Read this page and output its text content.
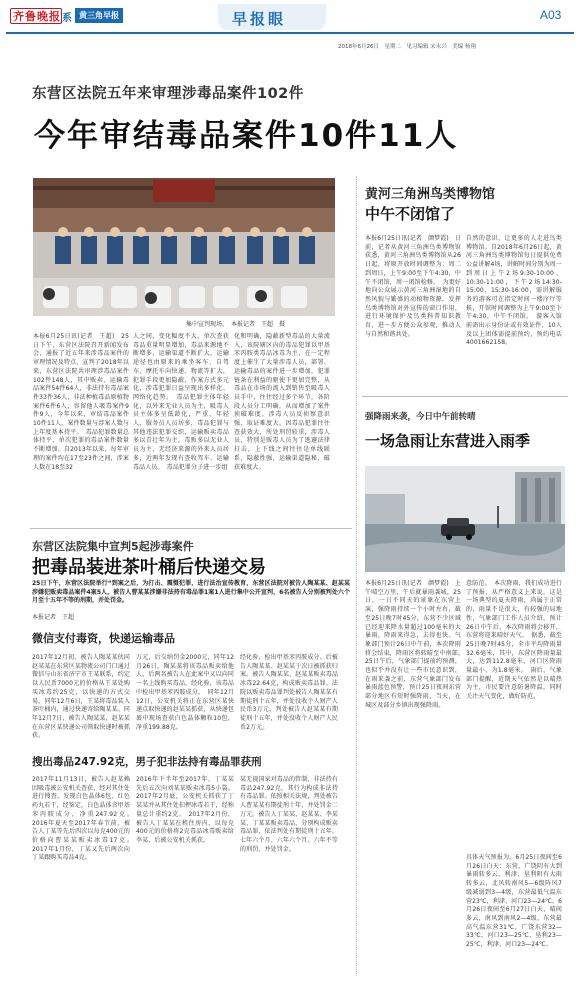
齐鲁晚报 系 黄三角早报	早报眼	A03
2018年6月26日　星期二　见习编辑 宋永兴　美编 杨翔
东营区法院五年来审理涉毒品案件102件
今年审结毒品案件10件11人
集中宣判现场。　本报记者　王超　摄
本报6月25日讯(记者　王超)　25日下午，东营区法院召开新闻发布会，通报了近五年来涉毒品案件的审理情况及特点，宣判了2018年以来，东营区法院共审理涉毒品案件102件148人，其中贩卖、运输毒品案件54件64人，非法持有毒品案件33件36人，非法种植毒品原植物案件6件6人，容留他人吸毒案件9件9人，今年以来，审结毒品案件10件11人，案件数量与涉案人数与上年度基本持平。　毒品犯罪数量总体持平，单次犯罪的毒品案件数量不断增加。自2013年以来，每年审理的案件均在17至23件之间，涉案人数在18至32
人之间，变化幅度不大，单次查获毒品重量明显增加，毒品来源地不断增多，运输渠道不断扩大，运输途径也由原来的乘坐客车、自驾车、摩托车向快递、物流等扩大，犯罪手段更加隐蔽，作案方式多元化，涉毒犯罪日益呈现出多样化、网络化趋势。　毒品犯罪主体年轻化，以外来无业人员为主，吸毒人员主体多呈低龄化，严重、年轻人、服务员人员居多，毒品犯罪与其他违法犯罪交织，运输贩卖毒品多以青壮年为主，毒贩多以无业人员为主，无经济来源的外来人员居多，近两年发现有查收驾车、运输毒品人员。　毒品犯罪分子进一步组
化和明确，隐蔽新型毒品的大量流入，该院辖区内的毒品犯罪以甲基苯丙胺类毒品冰毒为主，在一定程度上催生了大量涉毒人员，部署、运输毒品的案件进一步增加，犯罪链条在利益的驱使下更加完整，从毒品在市场的流入到销售至吸毒人员手中，往往经过多个环节，各阶段人员分工明确，从而增加了案件侦破难度。涉毒人员反侦察意识强，取证难度大。因毒品犯罪往往查获效大，所处刑罚较重，涉毒人员，特别是贩毒人员为了逃避法律打击，上下线之间往往是单线联系，隐蔽性强，运输渠道隐秘，破获难度大。
黄河三角洲鸟类博物馆
中午不闭馆了
本报6月25日讯(记者　颜梦霞)　日前，记者从黄河三角洲鸟类博物馆获悉，黄河三角洲鸟类博物馆从26日起，将原开放时间调整为：周二到周日，上午9:00至下午4:30，中午不闭馆，周一闭馆检修。　为更好地向公众展示黄河三角洲湿地的自然风貌与繁盛的动植物资源，发挥鸟类博物馆对外宣传的窗口作用，进行环境保护及鸟类科普知识教育，进一步方便公众参观，推动人与自然和谐共处。
自然的意识，让更多的人走进鸟类博物馆。自2018年6月26日起，黄河三角洲鸟类博物馆每日提供免费公益讲解4场，讲解时间分别为周一到周日上午2场9:30-10:00、10:30-11:00，下午2场14:30-15:00、15:30-16:00，需讲解服务的游客可在指定时间一楼序厅等候，开馆时间调整为上午9:00至下午4:30，中午不闭馆。　游客入馆前需出示身份证或有效证件，10人及以上团体需提前预约，预约电话4001662158。
强降雨来袭，今日中午前转晴
一场急雨让东营进入雨季
本报6月25日讯(记者　颜梦霞)　上午晴空万里，午后就暴雨袭城，25日，一日不同天的景象在东营上演，强降雨持续一个小时左右，截至25日晚7时45分，东营不少区域已经迎来降水量超过100毫米的大暴雨，降雨来得急，去得也快。气象部门预计26日中午前，本次降雨将会结束，降雨区将转晴至中南部。　25日午后，气象部门提前约预测，也似乎并没有让一些市民意识到，在雨来袭之前，东营气象部门发布暴雨蓝色预警，预计25日夜间东营部分地区有短时强降雨，当天，在城区及部分乡镇出现强降雨。
意防范。　本次降雨，我们成功进行了预报，从严格意义上来说，这是一场典型的夏天降雨，尚属于正常的，雨量不是很大，有较强的局地性，气象部门工作人员介绍，预计26日中午后，本次降雨将会移开，东营将迎来晴好天气。　据悉，截至25日晚7时45分，全市平均降雨量32.6毫米，其中，东营区降雨量最大，达到112.8毫米，河口区降雨量最小，为1.8毫米。　雨后，气象部门提醒，近期天气依然是以晴热为主，市民要注意防暑降温，同时关注天气变化，做好防范。
具体天气预报为，6月25日夜间至6月26日白天：东营，广饶阴有大到暴雨转多云，利津、垦利阴有大雨转多云，北风转南风5—6级阵风7级减弱到3—4级，东营最低气温东营23℃，利津、河口23—24℃。6月26日夜间至6月27日白天，晴间多云，南风到南风2—4级，东营最高气温东营31℃，广饶东营32—33℃，河口23—25℃，垦利23—25℃，利津、河口23—24℃。
东营区法院集中宣判5起涉毒案件
把毒品装进茶叶桶后快递交易
25日下午，东营区法院举行“到案之后，为打击、震慑犯罪，进行法治宣传教育，东营区法院对被告人陶某某、赵某某涉嫌犯贩卖毒品案件4案5人，被告人曹某某涉嫌非法持有毒品罪1案1人进行集中公开宣判，6名被告人分别被判处六个月至十五年不等的刑期，并处罚金。
本报记者　王超
微信支付毒资，快递运输毒品
2017年12月初，被告人陶某某伙同赵某某在东营区某物流公司门口通过微信与山东省济宁市王某联系，约定以人民币7000元的价格从王某处购买冰毒约25克，以快递的方式交易。同年12月6日，王某将毒品装入茶叶桶内，通过快递寄给陶某某。同年12月7日，被告人陶某某、赵某某在东营区某快递公司领取快递时被抓获。
万元，后交纳罚金2000元，同年12月26日，陶某某将该毒品贩卖给他人，后两名被告人在此案中又以向同一名上线购买毒品，经化验，该毒品中检出甲基苯丙胺成分。　同年12月12日，公安机关将正在东营区某快递点取快递的赵某某抓获，从快递包裹中现场查获白色晶体颗粒10包，净重199.88克。
经化验，检出甲基苯丙胺成分。后被告人陶某某、赵某某于次日被抓获归案。被告人陶某某、赵某某贩卖毒品冰毒22.64克，构成贩卖毒品罪。法院以贩卖毒品罪判处被告人陶某某有期徒刑十五年，并处没收个人财产人民币3万元，判处被告人赵某某有期徒刑十五年，并处没收个人财产人民币2万元。
搜出毒品247.92克，男子犯非法持有毒品罪获刑
2017年11月13日，被告人赵某赖因吸毒被公安机关查获，经对其住处进行搜查，发现白色晶体6包、红色药丸若干，经鉴定，白色晶体含甲基苯丙胺成分，净重247.92克。　2016年夏天至2017年春节前，被告人丁某等先后四次以每克400元的价格向曹某某贩卖冰毒17克。　2017年1月份，丁某又先后两次向丁某跟购买毒品4克。
2016年下半年至2017年，丁某某先后五次向刘某某贩卖冰毒5小袋。2017年2月底，公安机关抓获了丁某某并从其住处扣押冰毒若干，经称量总计重约2克。　2017年2月份，被告人丁某某在租住房内，以每克400元的价格将2克毒品冰毒贩卖给李某，后被公安机关抓获。
某无视国家对毒品的管制，非法持有毒品247.92克，其行为构成非法持有毒品罪。依照相关法规，判处被告人曹某某有期徒刑十年，并处罚金二万元。被告人丁某某、赵某某、李某某、丁某某贩卖毒品，分别构成贩卖毒品罪，依法判处有期徒刑十五年、七年六个月、六年六个月、六年不等的刑罚，并处罚金。
